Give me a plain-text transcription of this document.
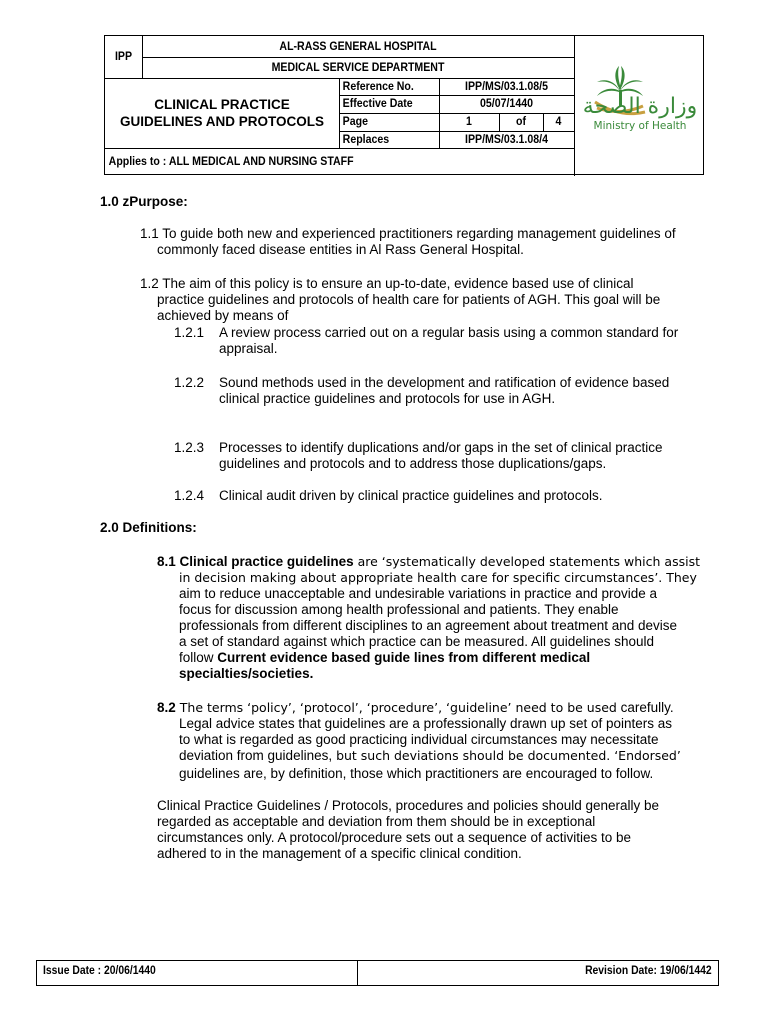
IPP
AL-RASS GENERAL HOSPITAL
MEDICAL SERVICE DEPARTMENT
CLINICAL PRACTICE
GUIDELINES AND PROTOCOLS
Reference No.	IPP/MS/03.1.08/5
Effective Date	05/07/1440
Page	1	of	4
Replaces	IPP/MS/03.1.08/4
Applies to : ALL MEDICAL AND NURSING STAFF
وزارة الصحة
Ministry of Health
1.0 zPurpose:
1.1 To guide both new and experienced practitioners regarding management guidelines of
commonly faced disease entities in Al Rass General Hospital.
1.2 The aim of this policy is to ensure an up-to-date, evidence based use of clinical
practice guidelines and protocols of health care for patients of AGH. This goal will be
achieved by means of
1.2.1 A review process carried out on a regular basis using a common standard for
appraisal.
1.2.2 Sound methods used in the development and ratification of evidence based
clinical practice guidelines and protocols for use in AGH.
1.2.3 Processes to identify duplications and/or gaps in the set of clinical practice
guidelines and protocols and to address those duplications/gaps.
1.2.4 Clinical audit driven by clinical practice guidelines and protocols.
2.0 Definitions:
8.1 Clinical practice guidelines are ‘systematically developed statements which assist
in decision making about appropriate health care for specific circumstances’. They
aim to reduce unacceptable and undesirable variations in practice and provide a
focus for discussion among health professional and patients. They enable
professionals from different disciplines to an agreement about treatment and devise
a set of standard against which practice can be measured. All guidelines should
follow Current evidence based guide lines from different medical
specialties/societies.
8.2 The terms ‘policy’, ‘protocol’, ‘procedure’, ‘guideline’ need to be used carefully.
Legal advice states that guidelines are a professionally drawn up set of pointers as
to what is regarded as good practicing individual circumstances may necessitate
deviation from guidelines, but such deviations should be documented. ‘Endorsed’
guidelines are, by definition, those which practitioners are encouraged to follow.
Clinical Practice Guidelines / Protocols, procedures and policies should generally be
regarded as acceptable and deviation from them should be in exceptional
circumstances only. A protocol/procedure sets out a sequence of activities to be
adhered to in the management of a specific clinical condition.
Issue Date : 20/06/1440	Revision Date: 19/06/1442
